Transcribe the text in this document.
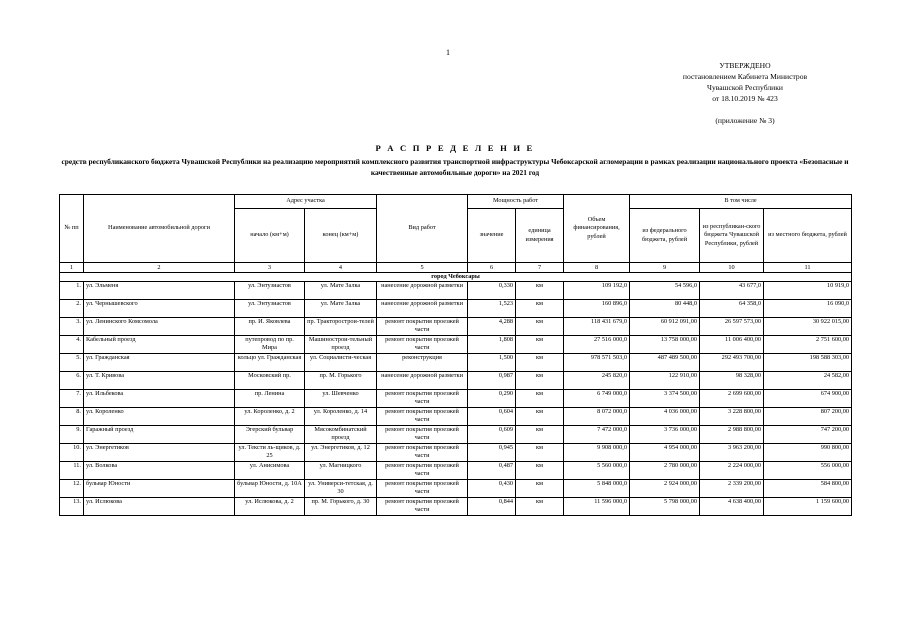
1
УТВЕРЖДЕНО
постановлением Кабинета Министров
Чувашской Республики
от 18.10.2019 № 423
(приложение № 3)
Р А С П Р Е Д Е Л Е Н И Е
средств республиканского бюджета Чувашской Республики на реализацию мероприятий комплексного развития транспортной инфраструктуры Чебоксарской агломерации в рамках реализации национального проекта «Безопасные и качественные автомобильные дороги» на 2021 год
№ пп	Наименование автомобильной дороги	Адрес участка		Вид работ	Мощность работ		Объем финансирования, рублей	В том числе		
		начало (км+м)	конец (км+м)		значение	единица измерения		из федерального бюджета, рублей	из республикан-ского бюджета Чувашской Республики, рублей	из местного бюджета, рублей
1	2	3	4	5	6	7	8	9	10	11
город Чебоксары										
1.	ул. Эльменя	ул. Энтузиастов	ул. Мате Залка	нанесение дорожной разметки	0,330	км	109 192,0	54 596,0	43 677,0	10 919,0
2.	ул. Чернышевского	ул. Энтузиастов	ул. Мате Залка	нанесение дорожной разметки	1,523	км	160 896,0	80 448,0	64 358,0	16 090,0
3.	ул. Ленинского Комсомола	пр. И. Яковлева	пр. Тракторострои-телей	ремонт покрытия проезжей части	4,288	км	118 431 679,0	60 912 091,00	26 597 573,00	30 922 015,00
4.	Кабельный проезд	путепровод по пр. Мира	Машинострои-тельный проезд	ремонт покрытия проезжей части	1,808	км	27 516 000,0	13 758 000,00	11 006 400,00	2 751 600,00
5.	ул. Гражданская	кольцо ул. Гражданская	ул. Социалисти-ческая	реконструкция	1,500	км	978 571 503,0	487 489 500,00	292 493 700,00	198 588 303,00
6.	ул. Т. Кривова	Московский пр.	пр. М. Горького	нанесение дорожной разметки	0,987	км	245 820,0	122 910,00	98 328,00	24 582,00
7.	ул. Ильбекова	пр. Ленина	ул. Шевченко	ремонт покрытия проезжей части	0,290	км	6 749 000,0	3 374 500,00	2 699 600,00	674 900,00
8.	ул. Короленко	ул. Короленко, д. 2	ул. Короленко, д. 14	ремонт покрытия проезжей части	0,604	км	8 072 000,0	4 036 000,00	3 228 800,00	807 200,00
9.	Гаражный проезд	Эгерский бульвар	Мясокомбинатский проезд	ремонт покрытия проезжей части	0,609	км	7 472 000,0	3 736 000,00	2 988 800,00	747 200,00
10.	ул. Энергетиков	ул. Тексти ль-щиков, д. 25	ул. Энергетиков, д. 12	ремонт покрытия проезжей части	0,945	км	9 908 000,0	4 954 000,00	3 963 200,00	990 800,00
11.	ул. Волкова	ул. Анисимова	ул. Магницкого	ремонт покрытия проезжей части	0,487	км	5 560 000,0	2 780 000,00	2 224 000,00	556 000,00
12.	бульвар Юности	бульвар Юности, д. 10А	ул. Универси-тетская, д. 30	ремонт покрытия проезжей части	0,430	км	5 848 000,0	2 924 000,00	2 339 200,00	584 800,00
13.	ул. Ислюкова	ул. Ислюкова, д. 2	пр. М. Горького, д. 30	ремонт покрытия проезжей части	0,844	км	11 596 000,0	5 798 000,00	4 638 400,00	1 159 600,00
